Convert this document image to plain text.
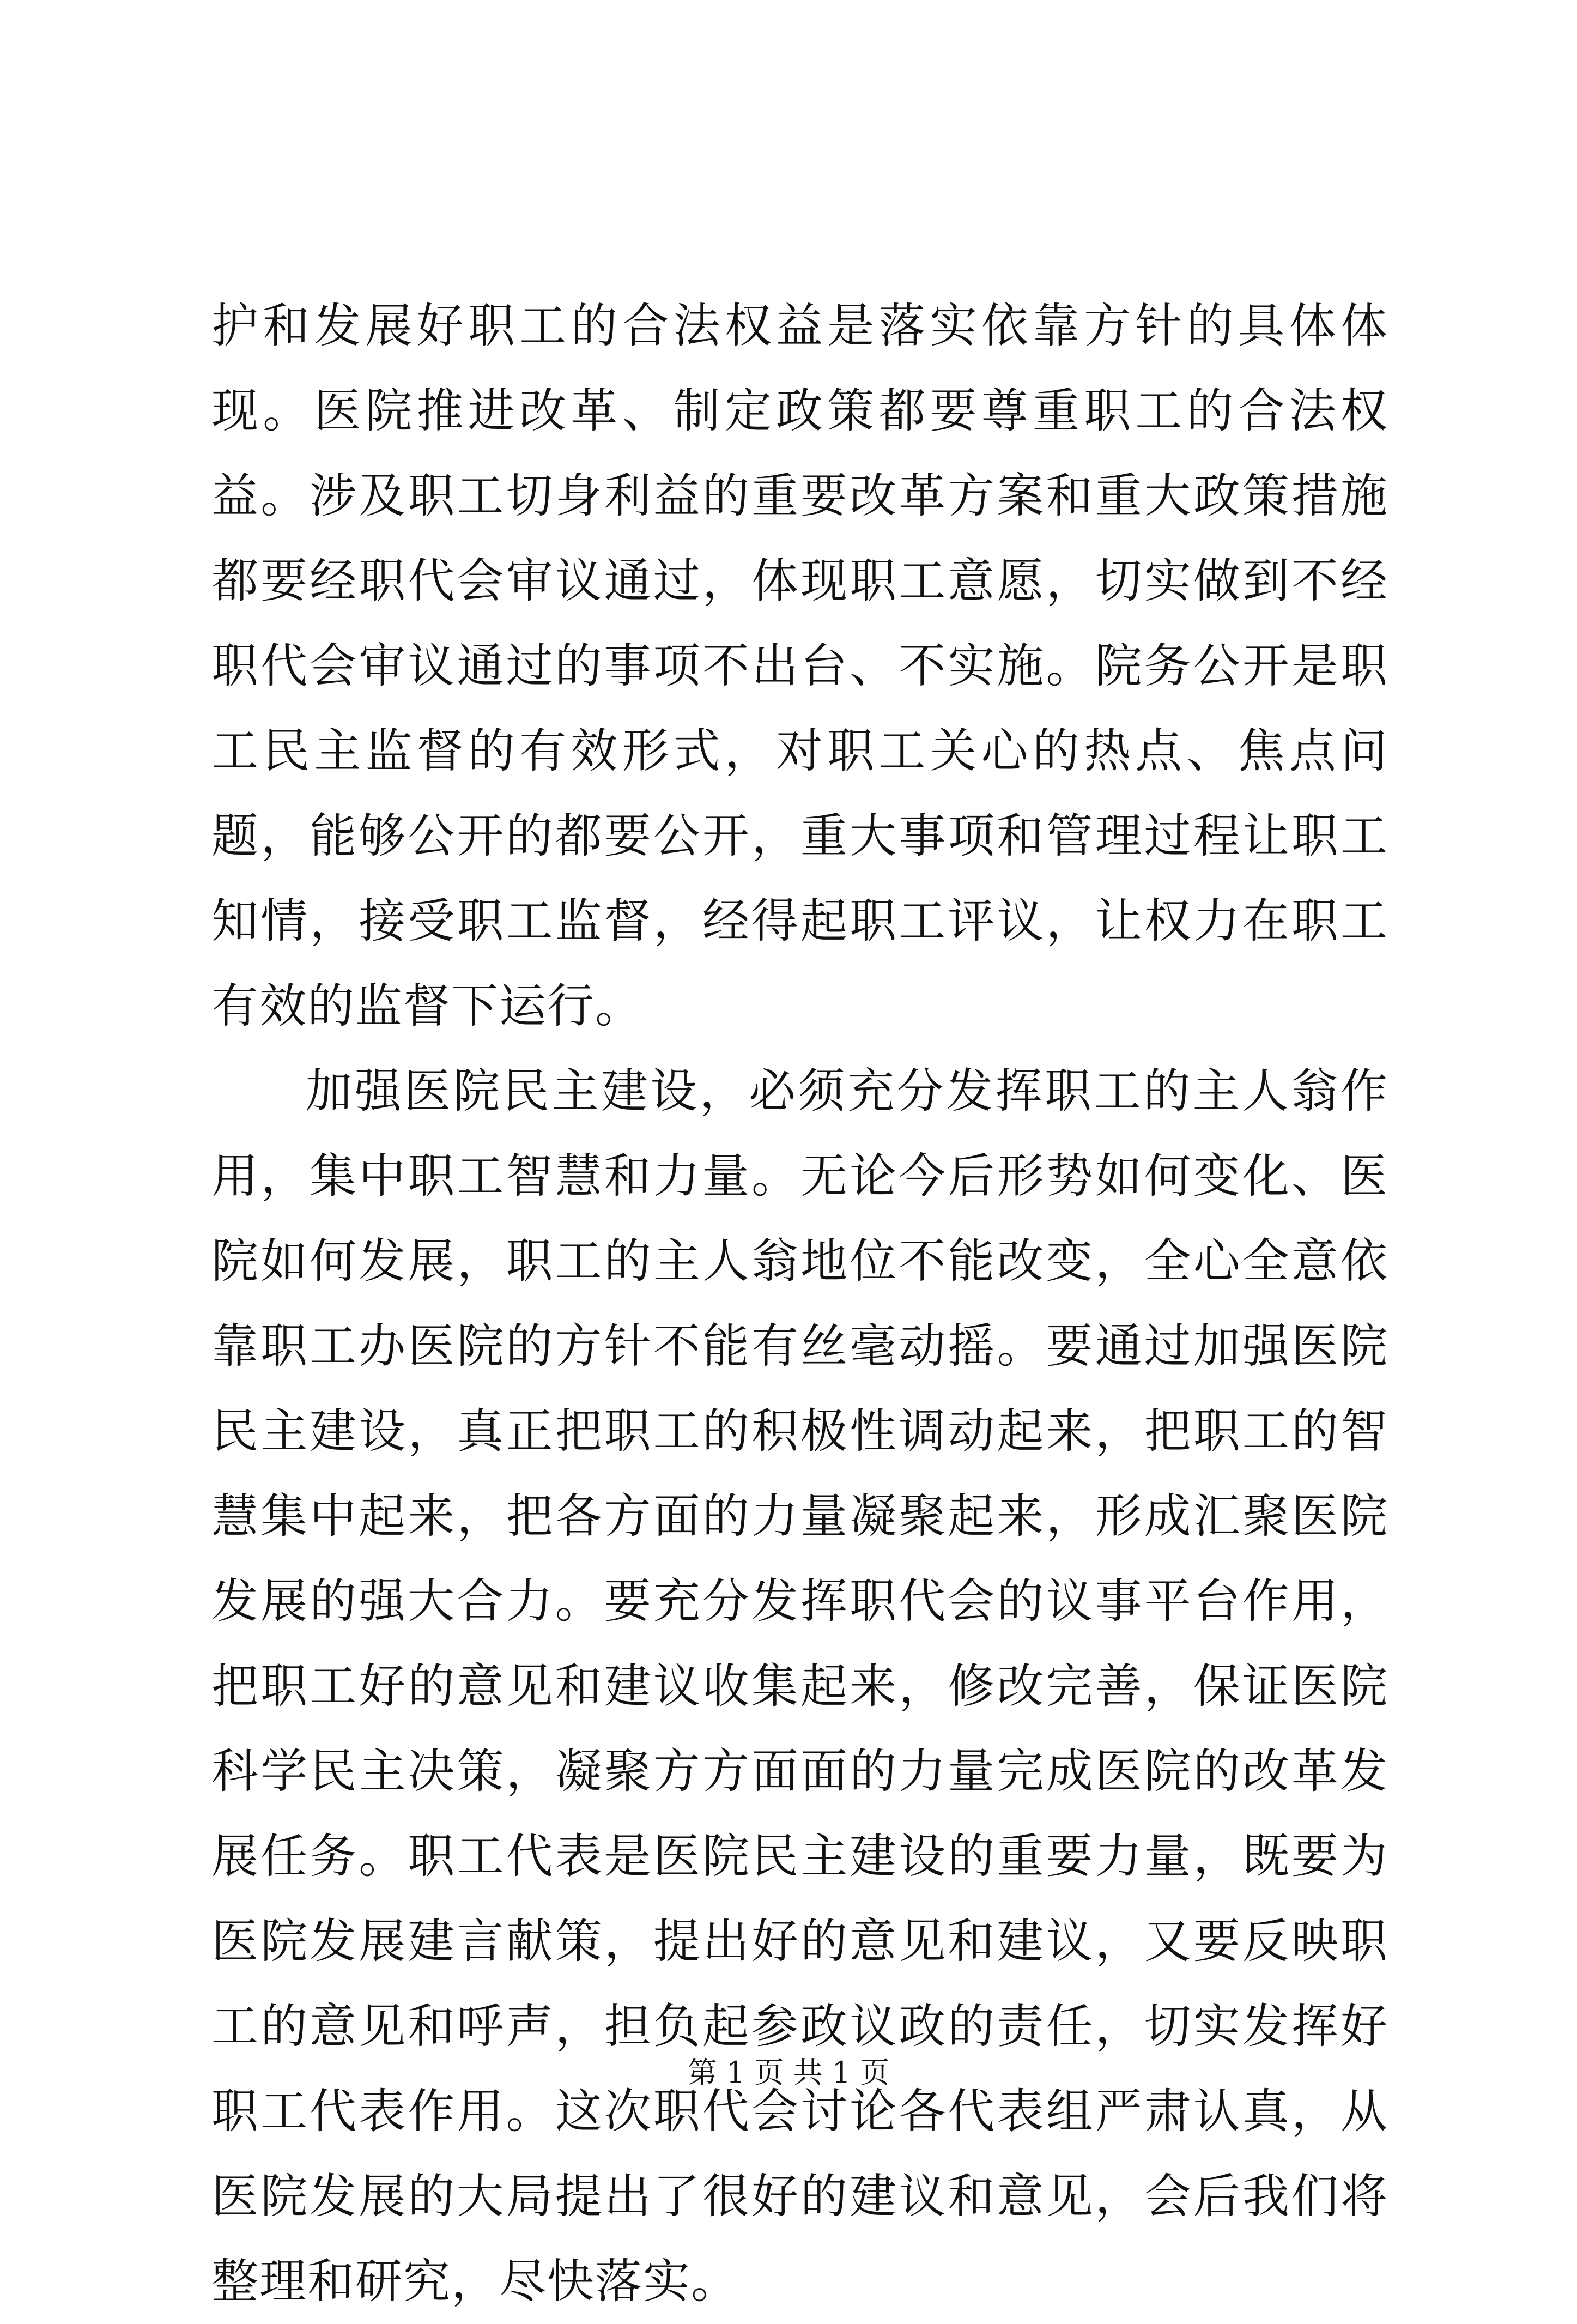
护和发展好职工的合法权益是落实依靠方针的具体体现。医院推进改革、制定政策都要尊重职工的合法权益。涉及职工切身利益的重要改革方案和重大政策措施都要经职代会审议通过，体现职工意愿，切实做到不经职代会审议通过的事项不出台、不实施。院务公开是职工民主监督的有效形式，对职工关心的热点、焦点问题，能够公开的都要公开，重大事项和管理过程让职工知情，接受职工监督，经得起职工评议，让权力在职工有效的监督下运行。

加强医院民主建设，必须充分发挥职工的主人翁作用，集中职工智慧和力量。无论今后形势如何变化、医院如何发展，职工的主人翁地位不能改变，全心全意依靠职工办医院的方针不能有丝毫动摇。要通过加强医院民主建设，真正把职工的积极性调动起来，把职工的智慧集中起来，把各方面的力量凝聚起来，形成汇聚医院发展的强大合力。要充分发挥职代会的议事平台作用，把职工好的意见和建议收集起来，修改完善，保证医院科学民主决策，凝聚方方面面的力量完成医院的改革发展任务。职工代表是医院民主建设的重要力量，既要为医院发展建言献策，提出好的意见和建议，又要反映职工的意见和呼声，担负起参政议政的责任，切实发挥好职工代表作用。这次职代会讨论各代表组严肃认真，从医院发展的大局提出了很好的建议和意见，会后我们将整理和研究，尽快落实。

第 1 页 共 1 页
